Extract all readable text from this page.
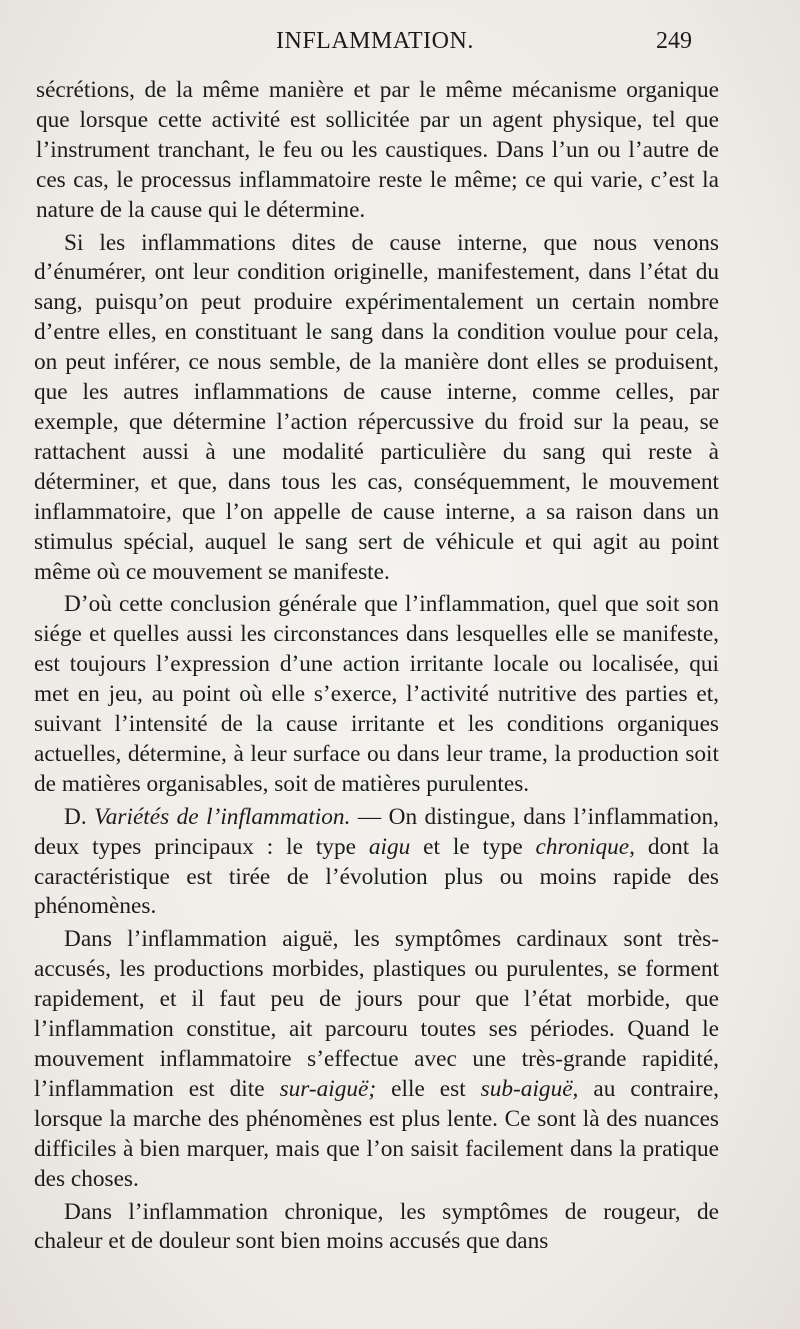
INFLAMMATION.	249

sécrétions, de la même manière et par le même mécanisme organique que lorsque cette activité est sollicitée par un agent physique, tel que l’instrument tranchant, le feu ou les caustiques. Dans l’un ou l’autre de ces cas, le processus inflammatoire reste le même; ce qui varie, c’est la nature de la cause qui le détermine.

Si les inflammations dites de cause interne, que nous venons d’énumérer, ont leur condition originelle, manifestement, dans l’état du sang, puisqu’on peut produire expérimentalement un certain nombre d’entre elles, en constituant le sang dans la condition voulue pour cela, on peut inférer, ce nous semble, de la manière dont elles se produisent, que les autres inflammations de cause interne, comme celles, par exemple, que détermine l’action répercussive du froid sur la peau, se rattachent aussi à une modalité particulière du sang qui reste à déterminer, et que, dans tous les cas, conséquemment, le mouvement inflammatoire, que l’on appelle de cause interne, a sa raison dans un stimulus spécial, auquel le sang sert de véhicule et qui agit au point même où ce mouvement se manifeste.

D’où cette conclusion générale que l’inflammation, quel que soit son siége et quelles aussi les circonstances dans lesquelles elle se manifeste, est toujours l’expression d’une action irritante locale ou localisée, qui met en jeu, au point où elle s’exerce, l’activité nutritive des parties et, suivant l’intensité de la cause irritante et les conditions organiques actuelles, détermine, à leur surface ou dans leur trame, la production soit de matières organisables, soit de matières purulentes.

D. Variétés de l’inflammation. — On distingue, dans l’inflammation, deux types principaux : le type aigu et le type chronique, dont la caractéristique est tirée de l’évolution plus ou moins rapide des phénomènes.

Dans l’inflammation aiguë, les symptômes cardinaux sont très-accusés, les productions morbides, plastiques ou purulentes, se forment rapidement, et il faut peu de jours pour que l’état morbide, que l’inflammation constitue, ait parcouru toutes ses périodes. Quand le mouvement inflammatoire s’effectue avec une très-grande rapidité, l’inflammation est dite sur-aiguë; elle est sub-aiguë, au contraire, lorsque la marche des phénomènes est plus lente. Ce sont là des nuances difficiles à bien marquer, mais que l’on saisit facilement dans la pratique des choses.

Dans l’inflammation chronique, les symptômes de rougeur, de chaleur et de douleur sont bien moins accusés que dans
